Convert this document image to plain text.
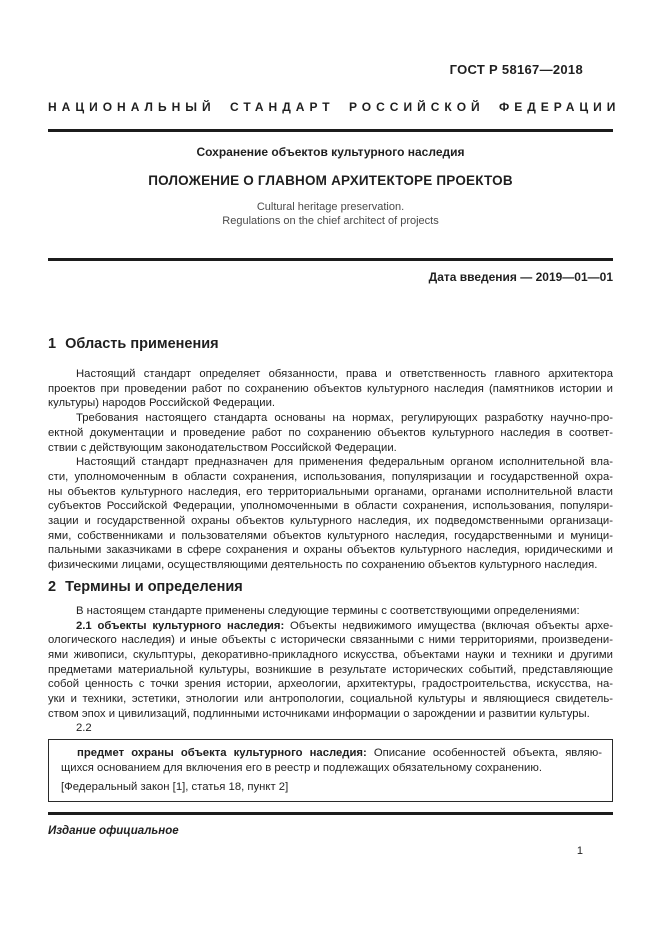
ГОСТ Р 58167—2018
НАЦИОНАЛЬНЫЙ СТАНДАРТ РОССИЙСКОЙ ФЕДЕРАЦИИ
Сохранение объектов культурного наследия
ПОЛОЖЕНИЕ О ГЛАВНОМ АРХИТЕКТОРЕ ПРОЕКТОВ
Cultural heritage preservation.
Regulations on the chief architect of projects
Дата введения — 2019—01—01
1 Область применения
Настоящий стандарт определяет обязанности, права и ответственность главного архитектора
проектов при проведении работ по сохранению объектов культурного наследия (памятников истории и
культуры) народов Российской Федерации.
Требования настоящего стандарта основаны на нормах, регулирующих разработку научно-про-
ектной документации и проведение работ по сохранению объектов культурного наследия в соответ-
ствии с действующим законодательством Российской Федерации.
Настоящий стандарт предназначен для применения федеральным органом исполнительной вла-
сти, уполномоченным в области сохранения, использования, популяризации и государственной охра-
ны объектов культурного наследия, его территориальными органами, органами исполнительной власти
субъектов Российской Федерации, уполномоченными в области сохранения, использования, популяри-
зации и государственной охраны объектов культурного наследия, их подведомственными организаци-
ями, собственниками и пользователями объектов культурного наследия, государственными и муници-
пальными заказчиками в сфере сохранения и охраны объектов культурного наследия, юридическими и
физическими лицами, осуществляющими деятельность по сохранению объектов культурного наследия.
2 Термины и определения
В настоящем стандарте применены следующие термины с соответствующими определениями:
2.1 объекты культурного наследия: Объекты недвижимого имущества (включая объекты архе-
ологического наследия) и иные объекты с исторически связанными с ними территориями, произведени-
ями живописи, скульптуры, декоративно-прикладного искусства, объектами науки и техники и другими
предметами материальной культуры, возникшие в результате исторических событий, представляющие
собой ценность с точки зрения истории, археологии, архитектуры, градостроительства, искусства, на-
уки и техники, эстетики, этнологии или антропологии, социальной культуры и являющиеся свидетель-
ством эпох и цивилизаций, подлинными источниками информации о зарождении и развитии культуры.
2.2
предмет охраны объекта культурного наследия: Описание особенностей объекта, являю-
щихся основанием для включения его в реестр и подлежащих обязательному сохранению.
[Федеральный закон [1], статья 18, пункт 2]
Издание официальное
1
